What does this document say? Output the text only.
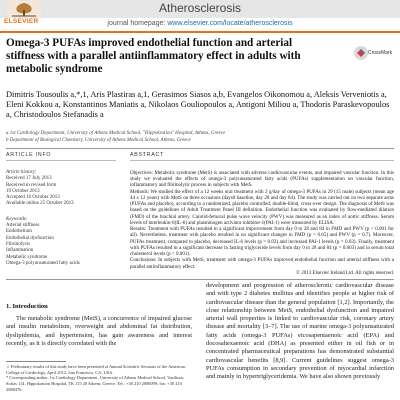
Atherosclerosis
ELSEVIER	journal homepage: www.elsevier.com/locate/atherosclerosis
Omega-3 PUFAs improved endothelial function and arterial stiffness with a parallel antiinflammatory effect in adults with metabolic syndrome
CrossMark
Dimitris Tousoulis a,*,1, Aris Plastiras a,1, Gerasimos Siasos a,b, Evangelos Oikonomou a, Aleksis Verveniotis a, Eleni Kokkou a, Konstantinos Maniatis a, Nikolaos Gouliopoulos a, Antigoni Miliou a, Thodoris Paraskevopoulos a, Christodoulos Stefanadis a
a 1st Cardiology Department, University of Athens Medical School, "Hippokration" Hospital, Athens, Greece
b Department of Biological Chemistry, University of Athens Medical School, Athens, Greece
ARTICLE INFO	ABSTRACT
Article history:
Received 17 July 2013
Received in revised form
19 October 2013
Accepted 16 October 2013
Available online 25 October 2013
Keywords:
Arterial stiffness
Endothelium
Endothelial dysfunction
Fibrinolysis
Inflammation
Metabolic syndrome
Omega-3 polyunsaturated fatty acids

Objectives: Metabolic syndrome (MetS) is associated with adverse cardiovascular events, and impaired vascular function. In this study we evaluated the effects of omega-3 polyunsaturated fatty acids (PUFAs) supplementation on vascular function, inflammatory and fibrinolytic process in subjects with MetS.

Methods: We studied the effect of a 12 weeks oral treatment with 2 g/day of omega-3 PUFAs in 29 (15 male) subjects (mean age 44 ± 12 years) with MetS on three occasions (days0 baseline, day 28 and day 84). The study was carried out on two separate arms (PUFAs and placebo), according to a randomized, placebo controlled, double-blind, cross-over design. The diagnosis of MetS was based on the guidelines of Adult Treatment Panel III definition. Endothelial function was evaluated by flow-mediated dilation (FMD) of the brachial artery. Carotid-femoral pulse wave velocity (PWV) was measured as an index of aortic stiffness. Serum levels of interleukin-6(IL-6) and plasminogen activator inhibitor-1(PAI-1) were measured by ELISA.

Results: Treatment with PUFAs resulted in a significant improvement from day 0 to 28 and 84 in FMD and PWV (p < 0.001 for all). Nevertheless, treatment with placebo resulted in no significant changes in FMD (p = 0.65) and PWV (p = 0.7). Moreover, PUFAs treatment, compared to placebo, decreased IL-6 levels (p = 0.03) and increased PAI-1 levels (p = 0.03). Finally, treatment with PUFAs resulted in a significant decrease in fasting triglyceride levels from day 0 to 28 and 84 (p = 0.003) and in serum total cholesterol levels (p < 0.001).

Conclusions: In subjects with MetS, treatment with omega-3 PUFAs improved endothelial function and arterial stiffness with a parallel antiinflammatory effect.

© 2013 Elsevier Ireland Ltd. All rights reserved.

1. Introduction
The metabolic syndrome (MetS), a concurrence of impaired glucose and insulin metabolism, overweight and abdominal fat distribution, dyslipidemia, and hypertension, has gain awareness and interest recently, as it is directly correlated with the
development and progression of atherosclerotic cardiovascular disease and with type 2 diabetes mellitus and identifies people at higher risk of cardiovascular disease than the general population [1,2]. Importantly, the close relationship between MetS, endothelial dysfunction and impaired arterial wall properties is linked to cardiovascular risk, coronary artery disease and mortality [3–7]. The use of marine omega-3 polyunsaturated fatty acids (omega-3 PUFAs) eicosapentaenoic acid (EPA) and docosahexaenoic acid (DHA) as presented either in oil fish or in concentrated pharmaceutical preparations has demonstrated substantial cardiovascular benefits [8,9]. Current guidelines suggest omega-3 PUFAs consumption in secondary prevention of myocardial infarction and mainly in hypertriglyceridemia. We have also shown previously
☆ Preliminary results of this study have been presented at Annual Scientific Sessions of the American College of Cardiology, April 2012, San Francisco, CA, USA.
* Corresponding author. 1st Cardiology Department, University of Athens Medical School, Vasilissis Sofias 114, Hippokration Hospital, TK 115 28 Athens, Greece. Tel.: +30 210 2088099; fax: +30 210 2088476.
